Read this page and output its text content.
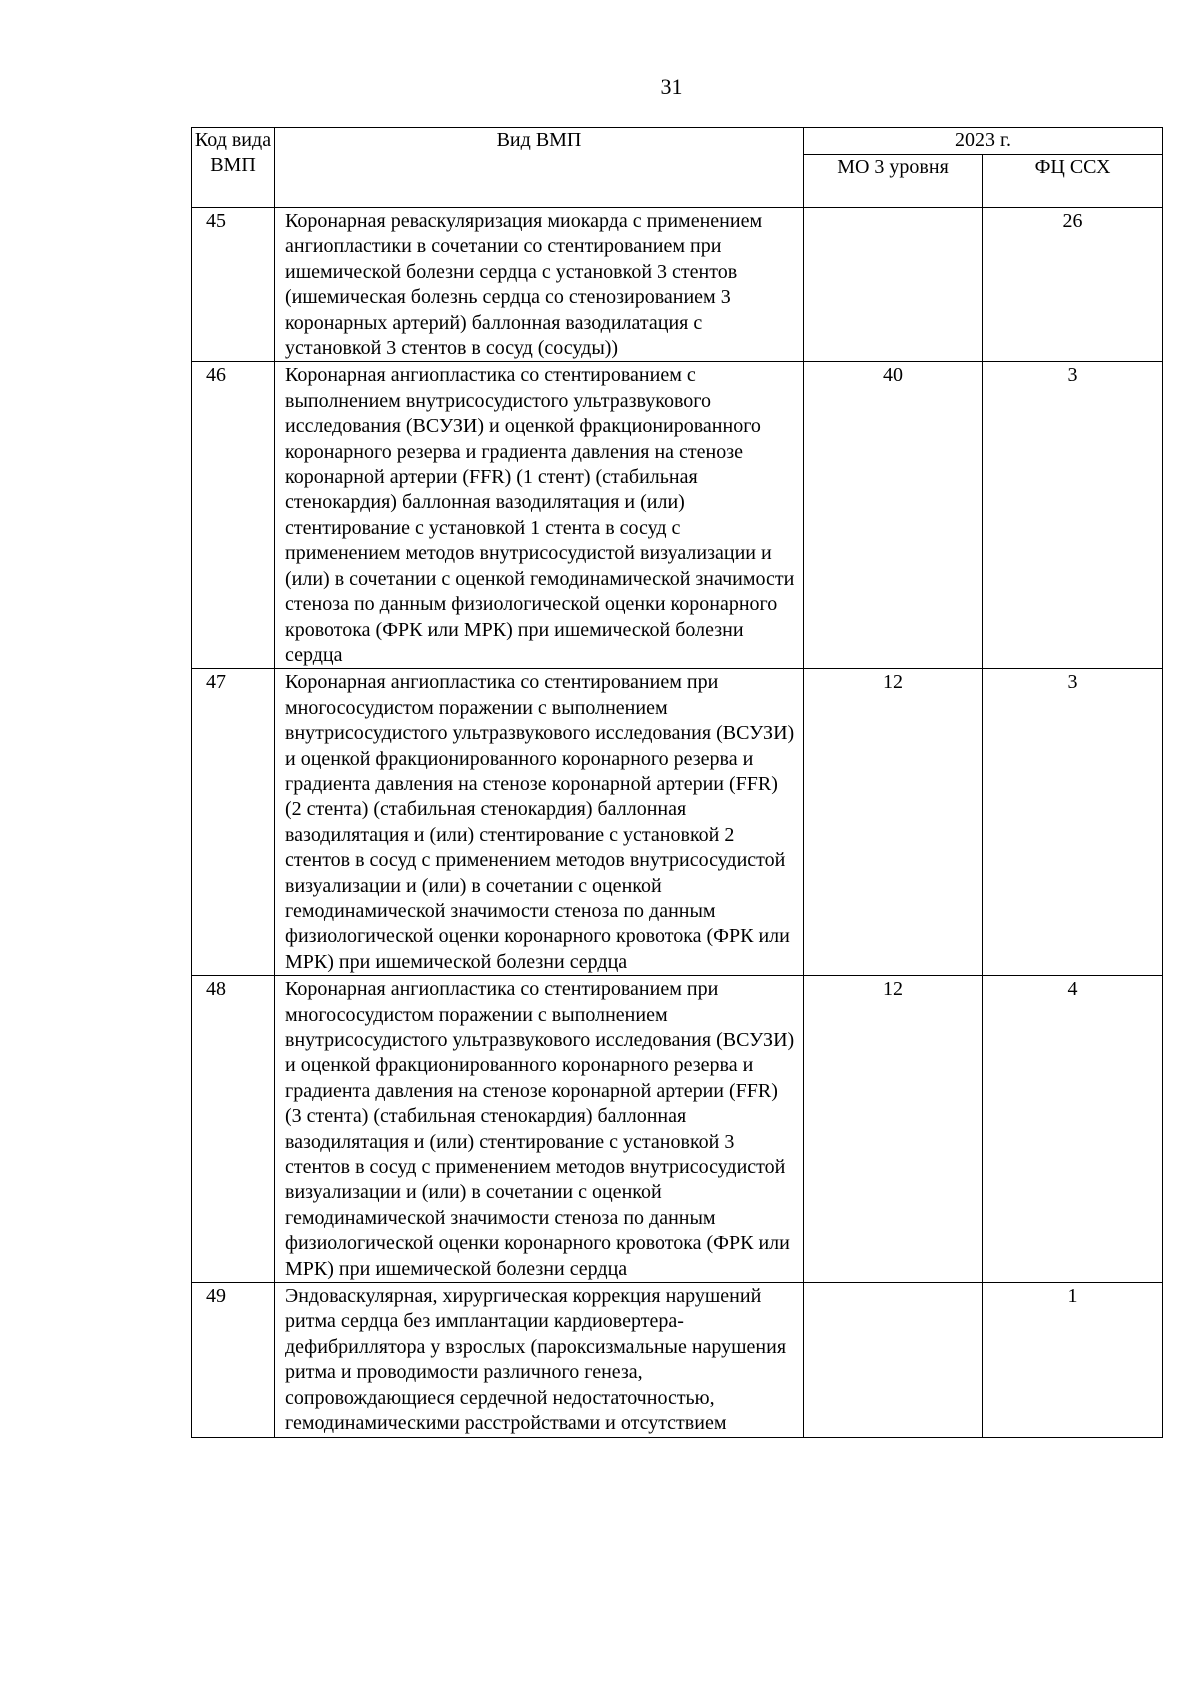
31
Код вида ВМП	Вид ВМП	2023 г.	
		МО 3 уровня	ФЦ ССХ
45	Коронарная реваскуляризация миокарда с применением ангиопластики в сочетании со стентированием при ишемической болезни сердца с установкой 3 стентов (ишемическая болезнь сердца со стенозированием 3 коронарных артерий) баллонная вазодилатация с установкой 3 стентов в сосуд (сосуды))		26
46	Коронарная ангиопластика со стентированием с выполнением внутрисосудистого ультразвукового исследования (ВСУЗИ) и оценкой фракционированного коронарного резерва и градиента давления на стенозе коронарной артерии (FFR) (1 стент) (стабильная стенокардия) баллонная вазодилятация и (или) стентирование с установкой 1 стента в сосуд с применением методов внутрисосудистой визуализации и (или) в сочетании с оценкой гемодинамической значимости стеноза по данным физиологической оценки коронарного кровотока (ФРК или МРК) при ишемической болезни сердца	40	3
47	Коронарная ангиопластика со стентированием при многососудистом поражении с выполнением внутрисосудистого ультразвукового исследования (ВСУЗИ) и оценкой фракционированного коронарного резерва и градиента давления на стенозе коронарной артерии (FFR) (2 стента) (стабильная стенокардия) баллонная вазодилятация и (или) стентирование с установкой 2 стентов в сосуд с применением методов внутрисосудистой визуализации и (или) в сочетании с оценкой гемодинамической значимости стеноза по данным физиологической оценки коронарного кровотока (ФРК или МРК) при ишемической болезни сердца	12	3
48	Коронарная ангиопластика со стентированием при многососудистом поражении с выполнением внутрисосудистого ультразвукового исследования (ВСУЗИ) и оценкой фракционированного коронарного резерва и градиента давления на стенозе коронарной артерии (FFR) (3 стента) (стабильная стенокардия) баллонная вазодилятация и (или) стентирование с установкой 3 стентов в сосуд с применением методов внутрисосудистой визуализации и (или) в сочетании с оценкой гемодинамической значимости стеноза по данным физиологической оценки коронарного кровотока (ФРК или МРК) при ишемической болезни сердца	12	4
49	Эндоваскулярная, хирургическая коррекция нарушений ритма сердца без имплантации кардиовертера-дефибриллятора у взрослых (пароксизмальные нарушения ритма и проводимости различного генеза, сопровождающиеся сердечной недостаточностью, гемодинамическими расстройствами и отсутствием		1
